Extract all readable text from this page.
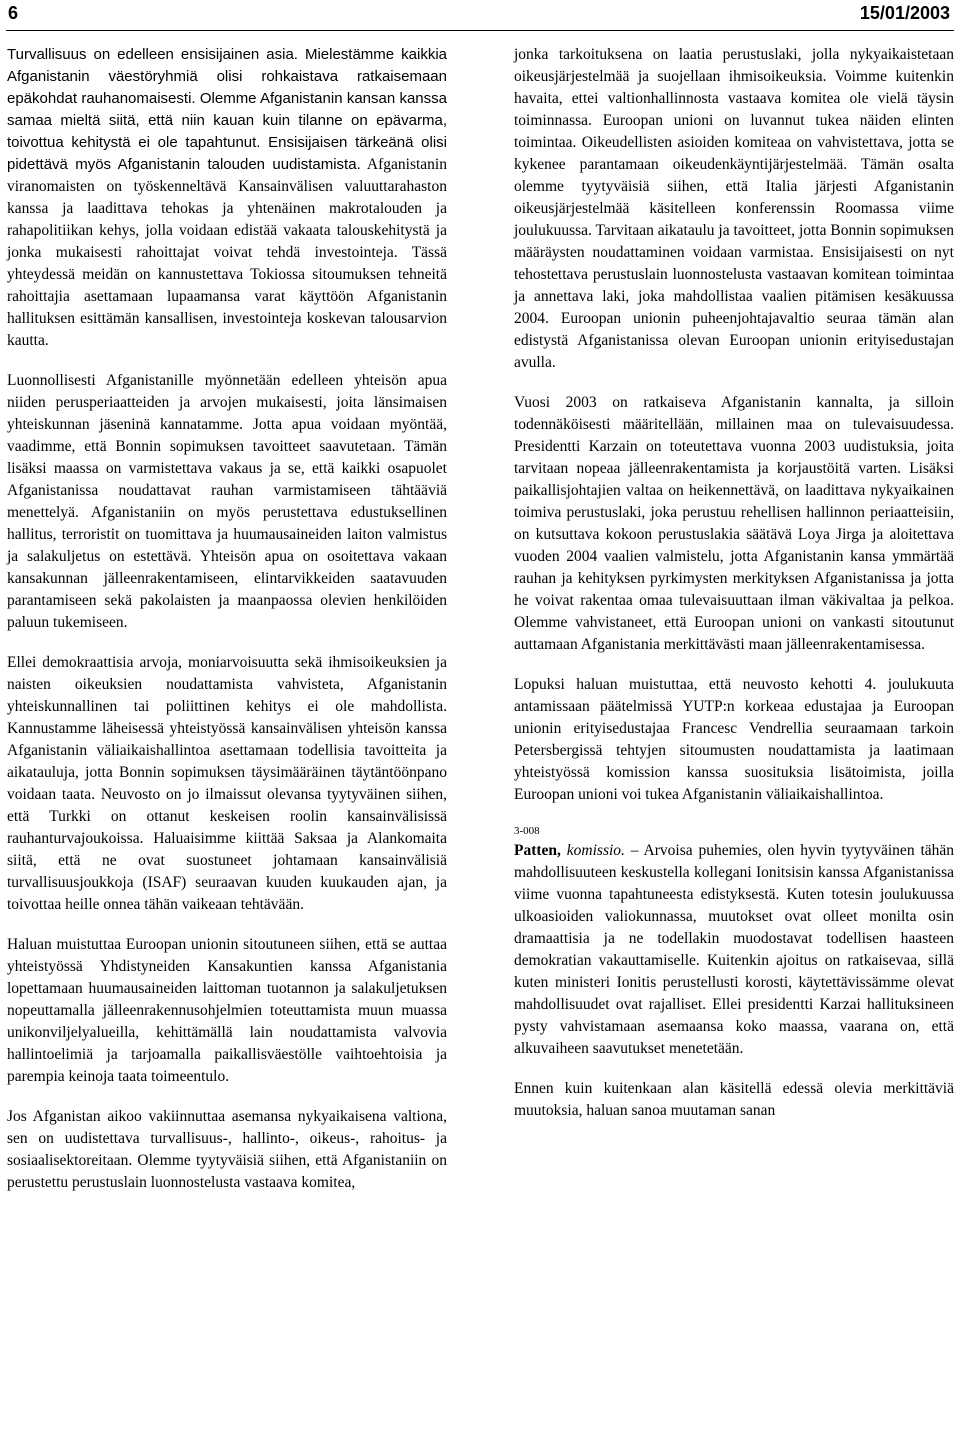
6	15/01/2003

Turvallisuus on edelleen ensisijainen asia. Mielestämme kaikkia Afganistanin väestöryhmiä olisi rohkaistava ratkaisemaan epäkohdat rauhanomaisesti. Olemme Afganistanin kansan kanssa samaa mieltä siitä, että niin kauan kuin tilanne on epävarma, toivottua kehitystä ei ole tapahtunut. Ensisijaisen tärkeänä olisi pidettävä myös Afganistanin talouden uudistamista. Afganistanin viranomaisten on työskenneltävä Kansainvälisen valuuttarahaston kanssa ja laadittava tehokas ja yhtenäinen makrotalouden ja rahapolitiikan kehys, jolla voidaan edistää vakaata talouskehitystä ja jonka mukaisesti rahoittajat voivat tehdä investointeja. Tässä yhteydessä meidän on kannustettava Tokiossa sitoumuksen tehneitä rahoittajia asettamaan lupaamansa varat käyttöön Afganistanin hallituksen esittämän kansallisen, investointeja koskevan talousarvion kautta.

Luonnollisesti Afganistanille myönnetään edelleen yhteisön apua niiden perusperiaatteiden ja arvojen mukaisesti, joita länsimaisen yhteiskunnan jäseninä kannatamme. Jotta apua voidaan myöntää, vaadimme, että Bonnin sopimuksen tavoitteet saavutetaan. Tämän lisäksi maassa on varmistettava vakaus ja se, että kaikki osapuolet Afganistanissa noudattavat rauhan varmistamiseen tähtääviä menettelyä. Afganistaniin on myös perustettava edustuksellinen hallitus, terroristit on tuomittava ja huumausaineiden laiton valmistus ja salakuljetus on estettävä. Yhteisön apua on osoitettava vakaan kansakunnan jälleenrakentamiseen, elintarvikkeiden saatavuuden parantamiseen sekä pakolaisten ja maanpaossa olevien henkilöiden paluun tukemiseen.

Ellei demokraattisia arvoja, moniarvoisuutta sekä ihmisoikeuksien ja naisten oikeuksien noudattamista vahvisteta, Afganistanin yhteiskunnallinen tai poliittinen kehitys ei ole mahdollista. Kannustamme läheisessä yhteistyössä kansainvälisen yhteisön kanssa Afganistanin väliaikaishallintoa asettamaan todellisia tavoitteita ja aikatauluja, jotta Bonnin sopimuksen täysimääräinen täytäntöönpano voidaan taata. Neuvosto on jo ilmaissut olevansa tyytyväinen siihen, että Turkki on ottanut keskeisen roolin kansainvälisissä rauhanturvajoukoissa. Haluaisimme kiittää Saksaa ja Alankomaita siitä, että ne ovat suostuneet johtamaan kansainvälisiä turvallisuusjoukkoja (ISAF) seuraavan kuuden kuukauden ajan, ja toivottaa heille onnea tähän vaikeaan tehtävään.

Haluan muistuttaa Euroopan unionin sitoutuneen siihen, että se auttaa yhteistyössä Yhdistyneiden Kansakuntien kanssa Afganistania lopettamaan huumausaineiden laittoman tuotannon ja salakuljetuksen nopeuttamalla jälleenrakennusohjelmien toteuttamista muun muassa unikonviljelyalueilla, kehittämällä lain noudattamista valvovia hallintoelimiä ja tarjoamalla paikallisväestölle vaihtoehtoisia ja parempia keinoja taata toimeentulo.

Jos Afganistan aikoo vakiinnuttaa asemansa nykyaikaisena valtiona, sen on uudistettava turvallisuus-, hallinto-, oikeus-, rahoitus- ja sosiaalisektoreitaan. Olemme tyytyväisiä siihen, että Afganistaniin on perustettu perustuslain luonnostelusta vastaava komitea,

jonka tarkoituksena on laatia perustuslaki, jolla nykyaikaistetaan oikeusjärjestelmää ja suojellaan ihmisoikeuksia. Voimme kuitenkin havaita, ettei valtionhallinnosta vastaava komitea ole vielä täysin toiminnassa. Euroopan unioni on luvannut tukea näiden elinten toimintaa. Oikeudellisten asioiden komiteaa on vahvistettava, jotta se kykenee parantamaan oikeudenkäyntijärjestelmää. Tämän osalta olemme tyytyväisiä siihen, että Italia järjesti Afganistanin oikeusjärjestelmää käsitelleen konferenssin Roomassa viime joulukuussa. Tarvitaan aikataulu ja tavoitteet, jotta Bonnin sopimuksen määräysten noudattaminen voidaan varmistaa. Ensisijaisesti on nyt tehostettava perustuslain luonnostelusta vastaavan komitean toimintaa ja annettava laki, joka mahdollistaa vaalien pitämisen kesäkuussa 2004. Euroopan unionin puheenjohtajavaltio seuraa tämän alan edistystä Afganistanissa olevan Euroopan unionin erityisedustajan avulla.

Vuosi 2003 on ratkaiseva Afganistanin kannalta, ja silloin todennäköisesti määritellään, millainen maa on tulevaisuudessa. Presidentti Karzain on toteutettava vuonna 2003 uudistuksia, joita tarvitaan nopeaa jälleenrakentamista ja korjaustöitä varten. Lisäksi paikallisjohtajien valtaa on heikennettävä, on laadittava nykyaikainen toimiva perustuslaki, joka perustuu rehellisen hallinnon periaatteisiin, on kutsuttava kokoon perustuslakia säätävä Loya Jirga ja aloitettava vuoden 2004 vaalien valmistelu, jotta Afganistanin kansa ymmärtää rauhan ja kehityksen pyrkimysten merkityksen Afganistanissa ja jotta he voivat rakentaa omaa tulevaisuuttaan ilman väkivaltaa ja pelkoa. Olemme vahvistaneet, että Euroopan unioni on vankasti sitoutunut auttamaan Afganistania merkittävästi maan jälleenrakentamisessa.

Lopuksi haluan muistuttaa, että neuvosto kehotti 4. joulukuuta antamissaan päätelmissä YUTP:n korkeaa edustajaa ja Euroopan unionin erityisedustajaa Francesc Vendrellia seuraamaan tarkoin Petersbergissä tehtyjen sitoumusten noudattamista ja laatimaan yhteistyössä komission kanssa suosituksia lisätoimista, joilla Euroopan unioni voi tukea Afganistanin väliaikaishallintoa.

3-008

Patten, komissio. – Arvoisa puhemies, olen hyvin tyytyväinen tähän mahdollisuuteen keskustella kollegani Ionitsisin kanssa Afganistanissa viime vuonna tapahtuneesta edistyksestä. Kuten totesin joulukuussa ulkoasioiden valiokunnassa, muutokset ovat olleet monilta osin dramaattisia ja ne todellakin muodostavat todellisen haasteen demokratian vakauttamiselle. Kuitenkin ajoitus on ratkaisevaa, sillä kuten ministeri Ionitis perustellusti korosti, käytettävissämme olevat mahdollisuudet ovat rajalliset. Ellei presidentti Karzai hallituksineen pysty vahvistamaan asemaansa koko maassa, vaarana on, että alkuvaiheen saavutukset menetetään.

Ennen kuin kuitenkaan alan käsitellä edessä olevia merkittäviä muutoksia, haluan sanoa muutaman sanan
